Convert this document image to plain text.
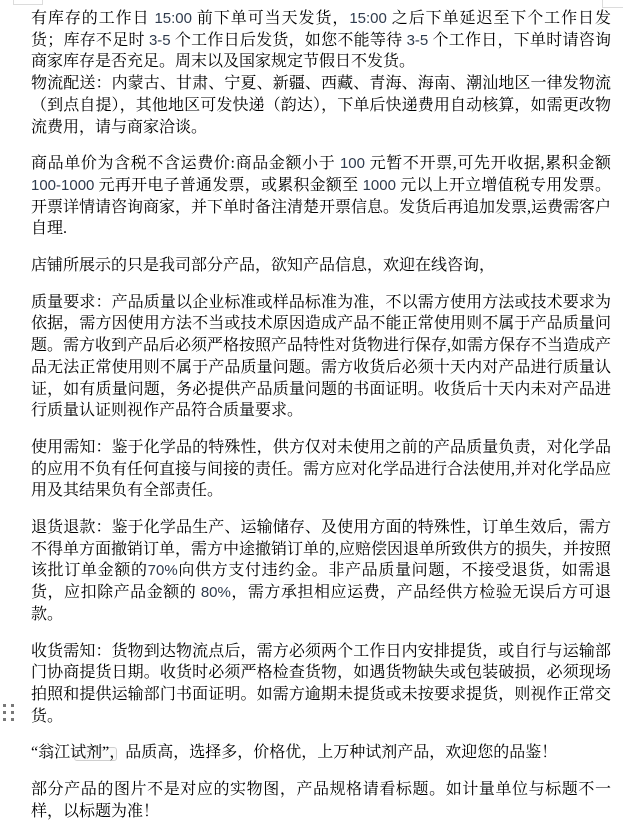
有库存的工作日 15:00 前下单可当天发货，15:00 之后下单延迟至下个工作日发货；库存不足时 3-5 个工作日后发货，如您不能等待 3-5 个工作日，下单时请咨询商家库存是否充足。周末以及国家规定节假日不发货。

物流配送：内蒙古、甘肃、宁夏、新疆、西藏、青海、海南、潮汕地区一律发物流（到点自提），其他地区可发快递（韵达），下单后快递费用自动核算，如需更改物流费用，请与商家洽谈。

商品单价为含税不含运费价:商品金额小于 100 元暂不开票,可先开收据,累积金额 100-1000 元再开电子普通发票，或累积金额至 1000 元以上开立增值税专用发票。开票详情请咨询商家，并下单时备注清楚开票信息。发货后再追加发票,运费需客户自理.

店铺所展示的只是我司部分产品，欲知产品信息，欢迎在线咨询，

质量要求：产品质量以企业标准或样品标准为准，不以需方使用方法或技术要求为依据，需方因使用方法不当或技术原因造成产品不能正常使用则不属于产品质量问题。需方收到产品后必须严格按照产品特性对货物进行保存,如需方保存不当造成产品无法正常使用则不属于产品质量问题。需方收货后必须十天内对产品进行质量认证，如有质量问题，务必提供产品质量问题的书面证明。收货后十天内未对产品进行质量认证则视作产品符合质量要求。

使用需知：鉴于化学品的特殊性，供方仅对未使用之前的产品质量负责，对化学品的应用不负有任何直接与间接的责任。需方应对化学品进行合法使用,并对化学品应用及其结果负有全部责任。

退货退款：鉴于化学品生产、运输储存、及使用方面的特殊性，订单生效后，需方不得单方面撤销订单，需方中途撤销订单的,应赔偿因退单所致供方的损失，并按照该批订单金额的70%向供方支付违约金。非产品质量问题，不接受退货，如需退货，应扣除产品金额的 80%，需方承担相应运费，产品经供方检验无误后方可退款。

收货需知：货物到达物流点后，需方必须两个工作日内安排提货，或自行与运输部门协商提货日期。收货时必须严格检查货物，如遇货物缺失或包装破损，必须现场拍照和提供运输部门书面证明。如需方逾期未提货或未按要求提货，则视作正常交货。

“翁江试剂”，品质高，选择多，价格优，上万种试剂产品，欢迎您的品鉴！

部分产品的图片不是对应的实物图，产品规格请看标题。如计量单位与标题不一样，以标题为准！
